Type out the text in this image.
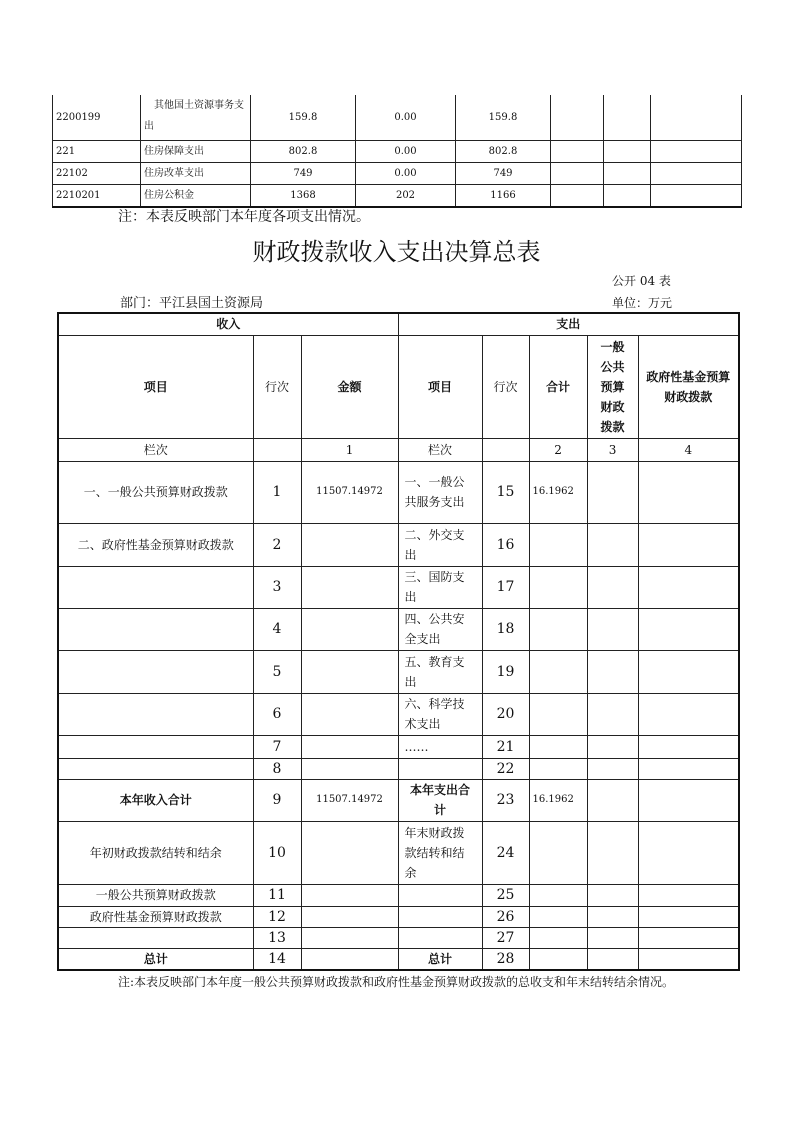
2200199	其他国土资源事务支出	159.8	0.00	159.8			
221	住房保障支出	802.8	0.00	802.8			
22102	住房改革支出	749	0.00	749			
2210201	住房公积金	1368	202	1166			
注：本表反映部门本年度各项支出情况。
财政拨款收入支出决算总表
公开 04 表
部门：平江县国土资源局	单位：万元
收入			支出				
项目	行次	金额	项目	行次	合计	一般公共预算财政拨款	政府性基金预算财政拨款
栏次		1	栏次		2	3	4
一、一般公共预算财政拨款	1	11507.14972	一、一般公共服务支出	15	16.1962		
二、政府性基金预算财政拨款	2		二、外交支出	16			
	3		三、国防支出	17			
	4		四、公共安全支出	18			
	5		五、教育支出	19			
	6		六、科学技术支出	20			
	7		……	21			
	8			22			
本年收入合计	9	11507.14972	本年支出合计	23	16.1962		
年初财政拨款结转和结余	10		年末财政拨款结转和结余	24			
一般公共预算财政拨款	11			25			
政府性基金预算财政拨款	12			26			
	13			27			
总计	14		总计	28			
注:本表反映部门本年度一般公共预算财政拨款和政府性基金预算财政拨款的总收支和年末结转结余情况。
